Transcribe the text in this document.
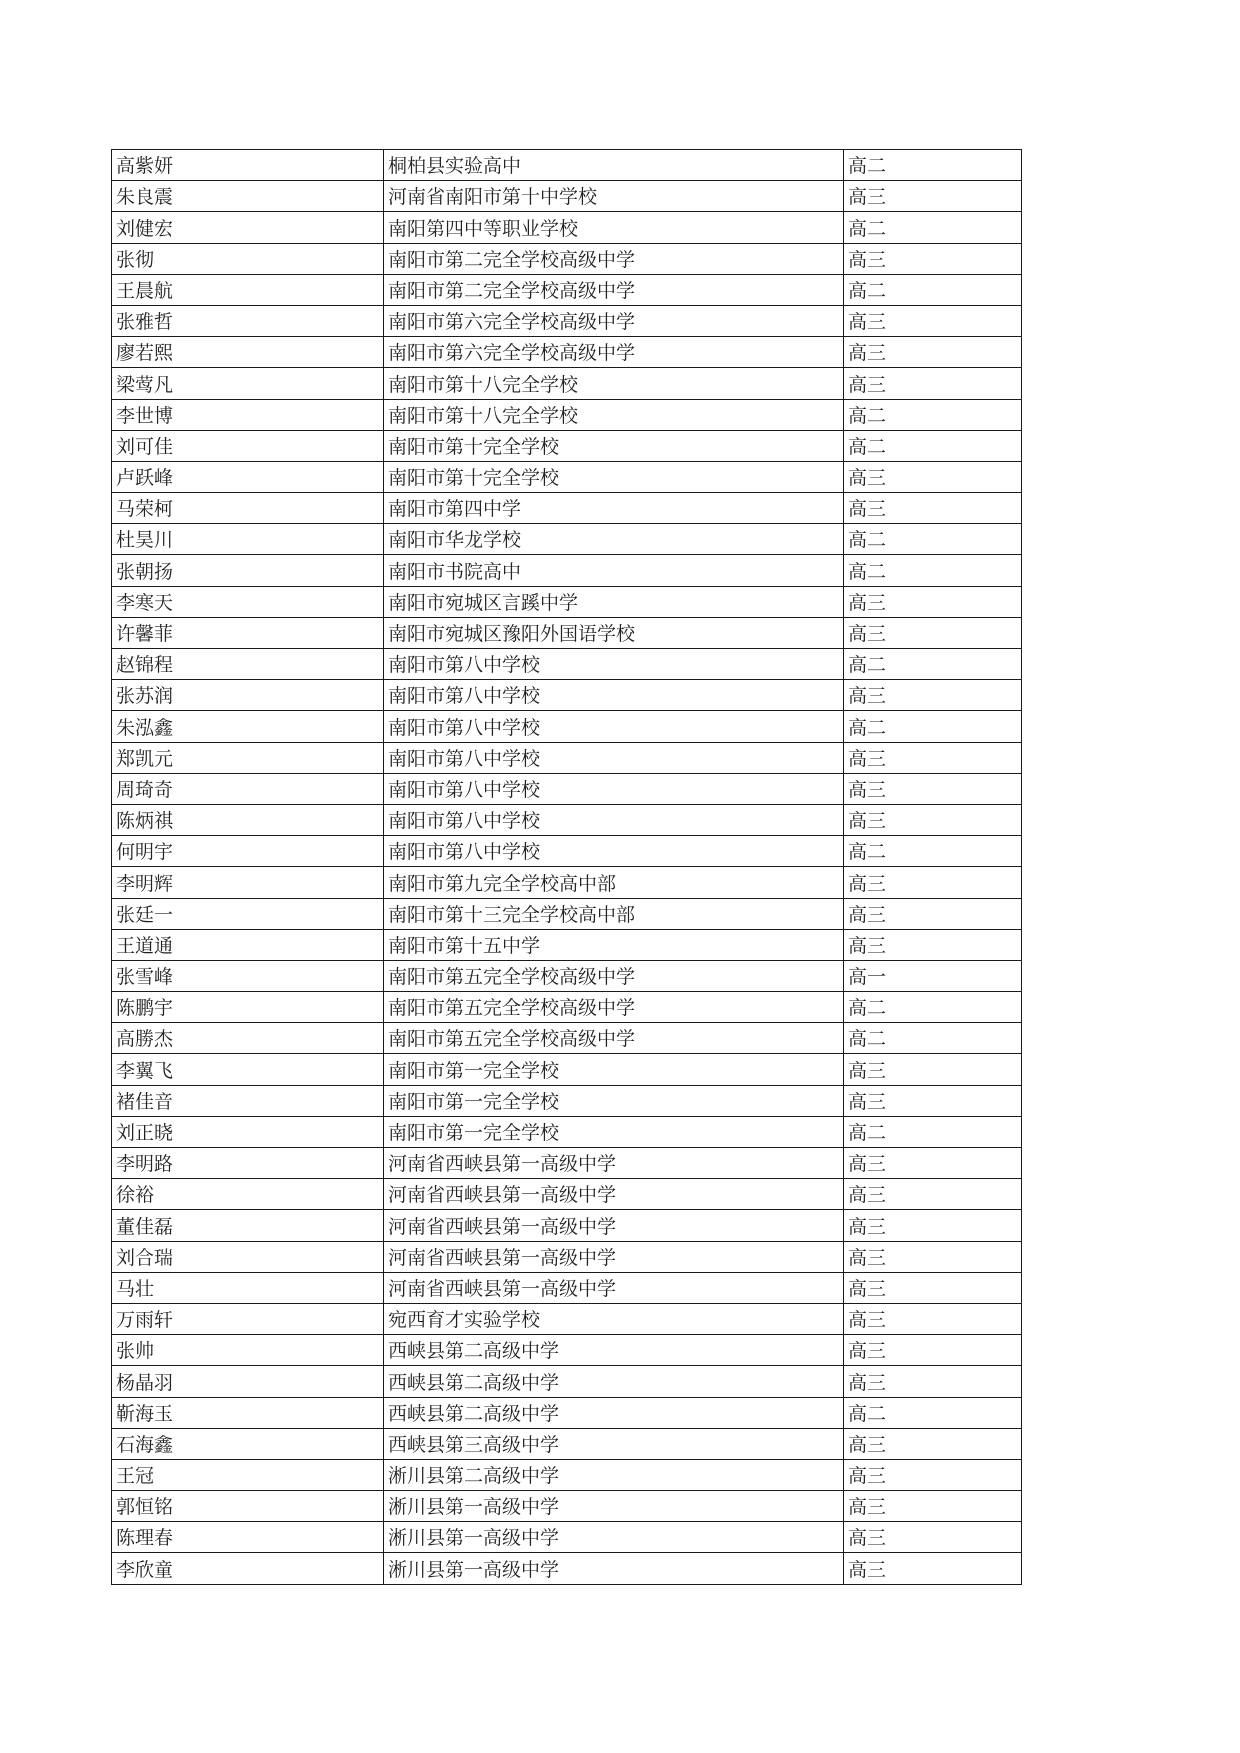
高紫妍	桐柏县实验高中	高二
朱良震	河南省南阳市第十中学校	高三
刘健宏	南阳第四中等职业学校	高二
张彻	南阳市第二完全学校高级中学	高三
王晨航	南阳市第二完全学校高级中学	高二
张雅哲	南阳市第六完全学校高级中学	高三
廖若熙	南阳市第六完全学校高级中学	高三
梁莺凡	南阳市第十八完全学校	高三
李世博	南阳市第十八完全学校	高二
刘可佳	南阳市第十完全学校	高二
卢跃峰	南阳市第十完全学校	高三
马荣柯	南阳市第四中学	高三
杜昊川	南阳市华龙学校	高二
张朝扬	南阳市书院高中	高二
李寒天	南阳市宛城区言蹊中学	高三
许馨菲	南阳市宛城区豫阳外国语学校	高三
赵锦程	南阳市第八中学校	高二
张苏润	南阳市第八中学校	高三
朱泓鑫	南阳市第八中学校	高二
郑凯元	南阳市第八中学校	高三
周琦奇	南阳市第八中学校	高三
陈炳祺	南阳市第八中学校	高三
何明宇	南阳市第八中学校	高二
李明辉	南阳市第九完全学校高中部	高三
张廷一	南阳市第十三完全学校高中部	高三
王道通	南阳市第十五中学	高三
张雪峰	南阳市第五完全学校高级中学	高一
陈鹏宇	南阳市第五完全学校高级中学	高二
高勝杰	南阳市第五完全学校高级中学	高二
李翼飞	南阳市第一完全学校	高三
褚佳音	南阳市第一完全学校	高三
刘正晓	南阳市第一完全学校	高二
李明路	河南省西峡县第一高级中学	高三
徐裕	河南省西峡县第一高级中学	高三
董佳磊	河南省西峡县第一高级中学	高三
刘合瑞	河南省西峡县第一高级中学	高三
马壮	河南省西峡县第一高级中学	高三
万雨轩	宛西育才实验学校	高三
张帅	西峡县第二高级中学	高三
杨晶羽	西峡县第二高级中学	高三
靳海玉	西峡县第二高级中学	高二
石海鑫	西峡县第三高级中学	高三
王冠	淅川县第二高级中学	高三
郭恒铭	淅川县第一高级中学	高三
陈理春	淅川县第一高级中学	高三
李欣童	淅川县第一高级中学	高三
